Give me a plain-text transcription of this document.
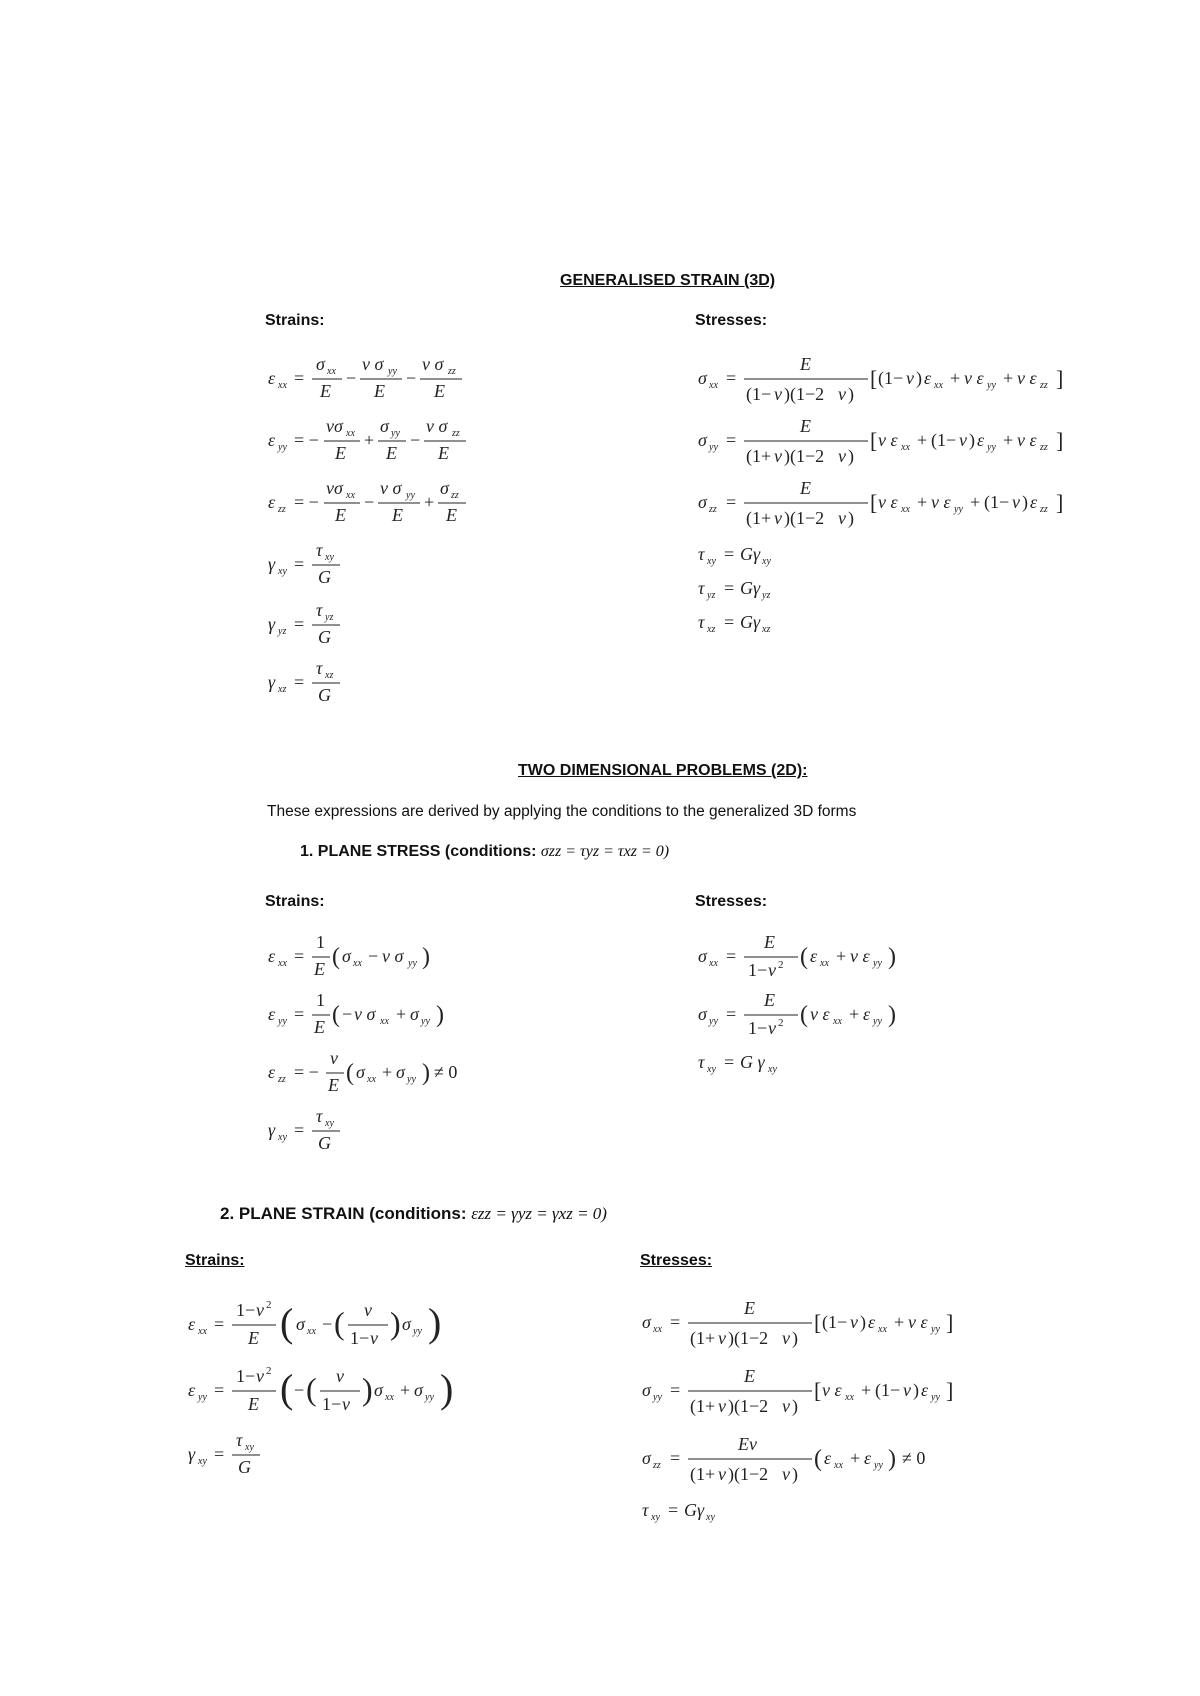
GENERALISED STRAIN (3D)
Strains:	Stresses:
ε xx =
σ xx
E
−
ν σ yy
E
−
ν σ zz
E
ε yy = −
νσ xx
E
+
σ yy
E
−
ν σ zz
E
ε zz = −
νσ xx
E
−
ν σ yy
E
+
σ zz
E
γ xy =
τ xy
G
γ yz =
τ yz
G
γ xz =
τ xz
G
σ xx =
E
(1− ν )(1−2 ν )
[ (1− ν ) ε xx + ν ε yy + ν ε zz ]
σ yy =
E
(1+ ν )(1−2 ν )
[ ν ε xx + (1− ν ) ε yy + ν ε zz ]
σ zz =
E
(1+ ν )(1−2 ν )
[ ν ε xx + ν ε yy + (1− ν ) ε zz ]
τ xy = Gγ xy
τ yz = Gγ yz
τ xz = Gγ xz
TWO DIMENSIONAL PROBLEMS (2D):
These expressions are derived by applying the conditions to the generalized 3D forms
1. PLANE STRESS (conditions: σzz = τyz = τxz = 0)
Strains:	Stresses:
ε xx =
1
E ( σ xx − ν σ yy )
ε yy =
1
E ( − ν σ xx + σ yy )
ε zz = −
ν
E ( σ xx + σ yy ) ≠ 0
γ xy =
τ xy
G
σ xx =
E
1− ν 2 ( ε xx + ν ε yy )
σ yy =
E
1− ν 2 ( ν ε xx + ε yy )
τ xy = G γ xy
2. PLANE STRAIN (conditions: εzz = γyz = γxz = 0)
Strains:	Stresses:
ε xx =
1− ν 2
E ( σ xx − ( ν
1− ν ) σ yy )
ε yy =
1− ν 2
E ( − ( ν
1− ν ) σ xx + σ yy )
γ xy =
τ xy
G
σ xx =
E
(1+ ν )(1−2 ν )
[ (1− ν ) ε xx + ν ε yy ]
σ yy =
E
(1+ ν )(1−2 ν )
[ ν ε xx + (1− ν ) ε yy ]
σ zz =
Eν
(1+ ν )(1−2 ν )
( ε xx + ε yy ) ≠ 0
τ xy = Gγ xy
